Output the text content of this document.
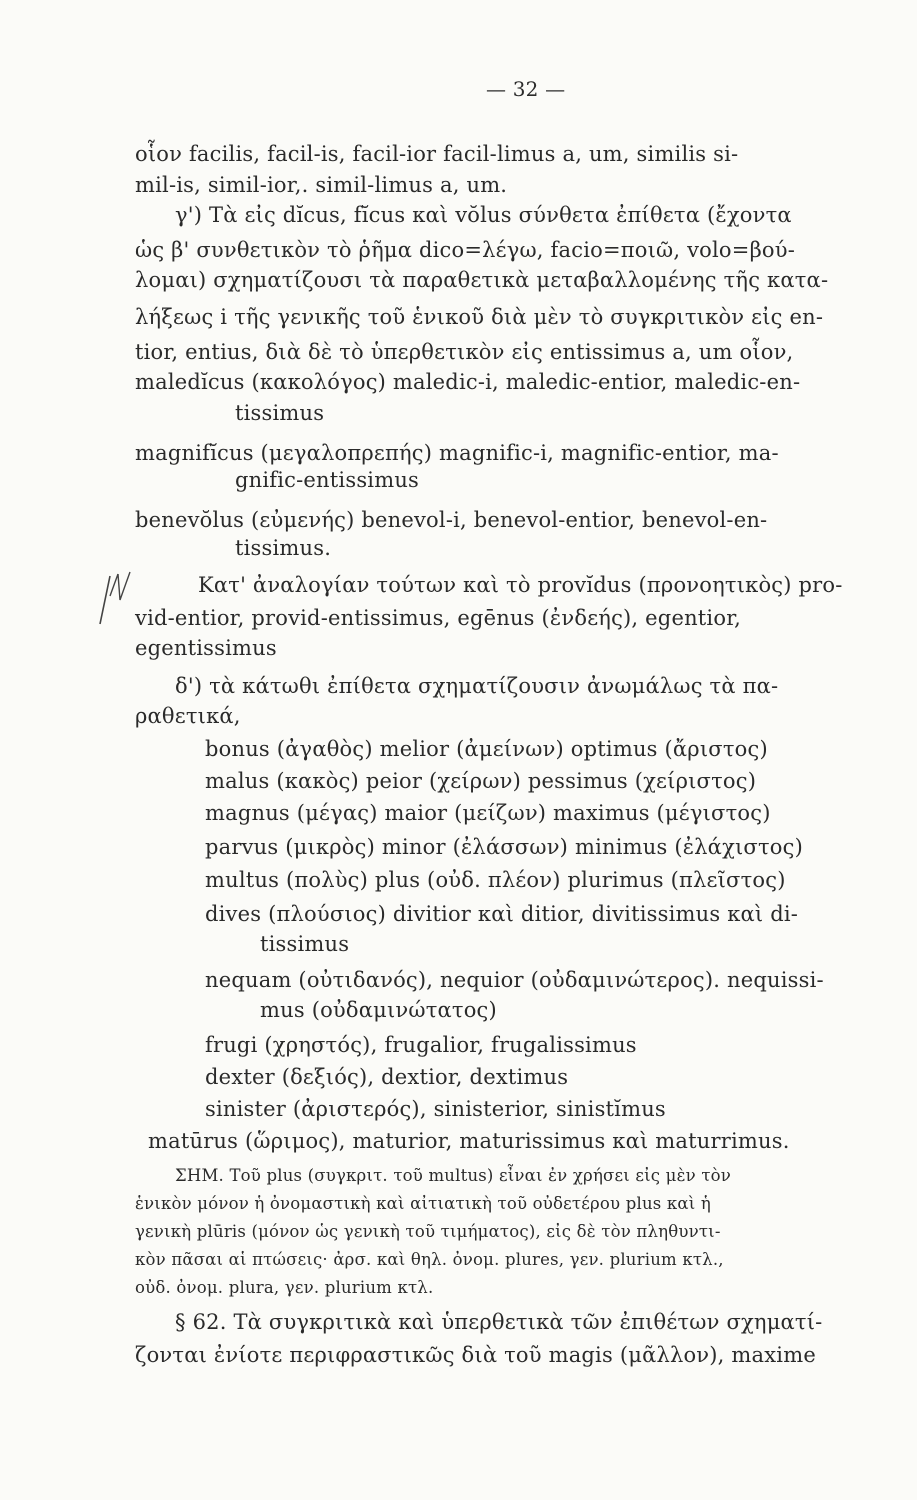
— 32 —
οἷον facilis, facil-is, facil-ior facil-limus a, um, similis si-
mil-is, simil-ior,. simil-limus a, um.
γ') Τὰ εἰς dĭcus, fĭcus καὶ vŏlus σύνθετα ἐπίθετα (ἔχοντα
ὡς β' συνθετικὸν τὸ ῥῆμα dico=λέγω, facio=ποιῶ, volo=βού-
λομαι) σχηματίζουσι τὰ παραθετικὰ μεταβαλλομένης τῆς κατα-
λήξεως i τῆς γενικῆς τοῦ ἑνικοῦ διὰ μὲν τὸ συγκριτικὸν εἰς en-
tior, entius, διὰ δὲ τὸ ὑπερθετικὸν εἰς entissimus a, um οἷον,
maledĭcus (κακολόγος) maledic-i, maledic-entior, maledic-en-
tissimus
magnifĭcus (μεγαλοπρεπής) magnific-i, magnific-entior, ma-
gnific-entissimus
benevŏlus (εὐμενής) benevol-i, benevol-entior, benevol-en-
tissimus.
Κατ' ἀναλογίαν τούτων καὶ τὸ provĭdus (προνοητικὸς) pro-
vid-entior, provid-entissimus, egēnus (ἐνδεής), egentior,
egentissimus
δ') τὰ κάτωθι ἐπίθετα σχηματίζουσιν ἀνωμάλως τὰ πα-
ραθετικά,
bonus (ἀγαθὸς) melior (ἀμείνων) optimus (ἄριστος)
malus (κακὸς) peior (χείρων) pessimus (χείριστος)
magnus (μέγας) maior (μείζων) maximus (μέγιστος)
parvus (μικρὸς) minor (ἐλάσσων) minimus (ἐλάχιστος)
multus (πολὺς) plus (οὐδ. πλέον) plurimus (πλεῖστος)
dives (πλούσιος) divitior καὶ ditior, divitissimus καὶ di-
tissimus
nequam (οὐτιδανός), nequior (οὐδαμινώτερος). nequissi-
mus (οὐδαμινώτατος)
frugi (χρηστός), frugalior, frugalissimus
dexter (δεξιός), dextior, dextimus
sinister (ἀριστερός), sinisterior, sinistĭmus
matūrus (ὥριμος), maturior, maturissimus καὶ maturrimus.
ΣΗΜ. Τοῦ plus (συγκριτ. τοῦ multus) εἶναι ἐν χρήσει εἰς μὲν τὸν
ἑνικὸν μόνον ἡ ὀνομαστικὴ καὶ αἰτιατικὴ τοῦ οὐδετέρου plus καὶ ἡ
γενικὴ plūris (μόνον ὡς γενικὴ τοῦ τιμήματος), εἰς δὲ τὸν πληθυντι-
κὸν πᾶσαι αἱ πτώσεις· ἀρσ. καὶ θηλ. ὀνομ. plures, γεν. plurium κτλ.,
οὐδ. ὀνομ. plura, γεν. plurium κτλ.
§ 62. Τὰ συγκριτικὰ καὶ ὑπερθετικὰ τῶν ἐπιθέτων σχηματί-
ζονται ἐνίοτε περιφραστικῶς διὰ τοῦ magis (μᾶλλον), maxime
